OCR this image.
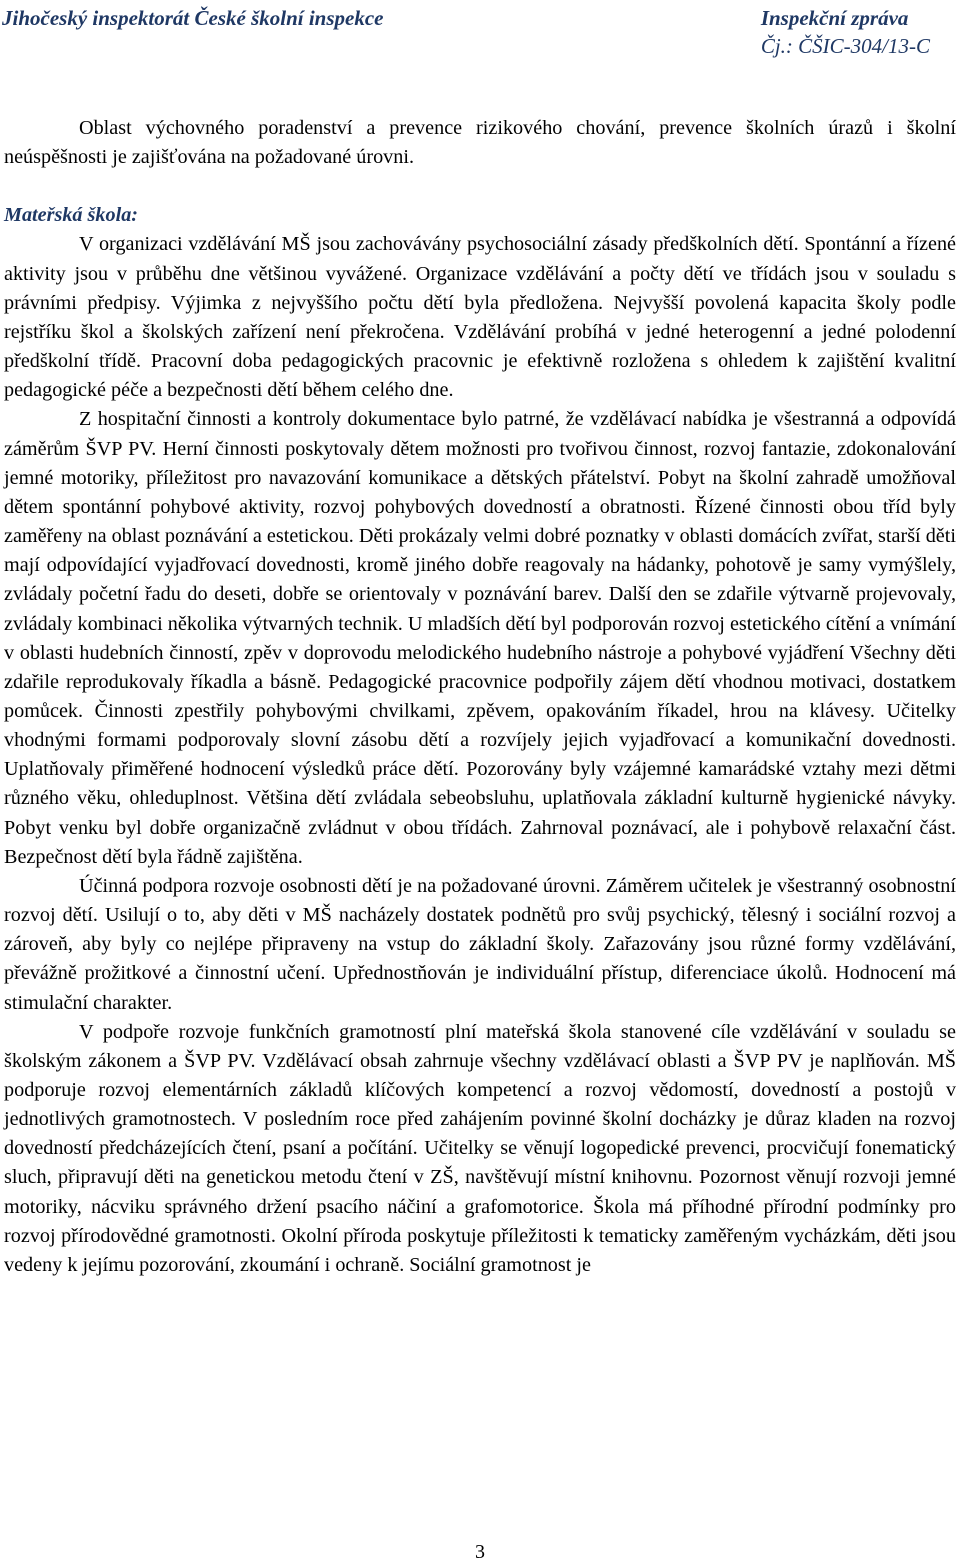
Jihočeský inspektorát České školní inspekce	Inspekční zpráva
Čj.: ČŠIC-304/13-C

Oblast výchovného poradenství a prevence rizikového chování, prevence školních úrazů i školní neúspěšnosti je zajišťována na požadované úrovni.

Mateřská škola:

V organizaci vzdělávání MŠ jsou zachovávány psychosociální zásady předškolních dětí. Spontánní a řízené aktivity jsou v průběhu dne většinou vyvážené. Organizace vzdělávání a počty dětí ve třídách jsou v souladu s právními předpisy. Výjimka z nejvyššího počtu dětí byla předložena. Nejvyšší povolená kapacita školy podle rejstříku škol a školských zařízení není překročena. Vzdělávání probíhá v jedné heterogenní a jedné polodenní předškolní třídě. Pracovní doba pedagogických pracovnic je efektivně rozložena s ohledem k zajištění kvalitní pedagogické péče a bezpečnosti dětí během celého dne.

Z hospitační činnosti a kontroly dokumentace bylo patrné, že vzdělávací nabídka je všestranná a odpovídá záměrům ŠVP PV. Herní činnosti poskytovaly dětem možnosti pro tvořivou činnost, rozvoj fantazie, zdokonalování jemné motoriky, příležitost pro navazování komunikace a dětských přátelství. Pobyt na školní zahradě umožňoval dětem spontánní pohybové aktivity, rozvoj pohybových dovedností a obratnosti. Řízené činnosti obou tříd byly zaměřeny na oblast poznávání a estetickou. Děti prokázaly velmi dobré poznatky v oblasti domácích zvířat, starší děti mají odpovídající vyjadřovací dovednosti, kromě jiného dobře reagovaly na hádanky, pohotově je samy vymýšlely, zvládaly početní řadu do deseti, dobře se orientovaly v poznávání barev. Další den se zdařile výtvarně projevovaly, zvládaly kombinaci několika výtvarných technik. U mladších dětí byl podporován rozvoj estetického cítění a vnímání v oblasti hudebních činností, zpěv v doprovodu melodického hudebního nástroje a pohybové vyjádření Všechny děti zdařile reprodukovaly říkadla a básně. Pedagogické pracovnice podpořily zájem dětí vhodnou motivaci, dostatkem pomůcek. Činnosti zpestřily pohybovými chvilkami, zpěvem, opakováním říkadel, hrou na klávesy. Učitelky vhodnými formami podporovaly slovní zásobu dětí a rozvíjely jejich vyjadřovací a komunikační dovednosti. Uplatňovaly přiměřené hodnocení výsledků práce dětí. Pozorovány byly vzájemné kamarádské vztahy mezi dětmi různého věku, ohleduplnost. Většina dětí zvládala sebeobsluhu, uplatňovala základní kulturně hygienické návyky. Pobyt venku byl dobře organizačně zvládnut v obou třídách. Zahrnoval poznávací, ale i pohybově relaxační část. Bezpečnost dětí byla řádně zajištěna.

Účinná podpora rozvoje osobnosti dětí je na požadované úrovni. Záměrem učitelek je všestranný osobnostní rozvoj dětí. Usilují o to, aby děti v MŠ nacházely dostatek podnětů pro svůj psychický, tělesný i sociální rozvoj a zároveň, aby byly co nejlépe připraveny na vstup do základní školy. Zařazovány jsou různé formy vzdělávání, převážně prožitkové a činnostní učení. Upřednostňován je individuální přístup, diferenciace úkolů. Hodnocení má stimulační charakter.

V podpoře rozvoje funkčních gramotností plní mateřská škola stanovené cíle vzdělávání v souladu se školským zákonem a ŠVP PV. Vzdělávací obsah zahrnuje všechny vzdělávací oblasti a ŠVP PV je naplňován. MŠ podporuje rozvoj elementárních základů klíčových kompetencí a rozvoj vědomostí, dovedností a postojů v jednotlivých gramotnostech. V posledním roce před zahájením povinné školní docházky je důraz kladen na rozvoj dovedností předcházejících čtení, psaní a počítání. Učitelky se věnují logopedické prevenci, procvičují fonematický sluch, připravují děti na genetickou metodu čtení v ZŠ, navštěvují místní knihovnu. Pozornost věnují rozvoji jemné motoriky, nácviku správného držení psacího náčiní a grafomotorice. Škola má příhodné přírodní podmínky pro rozvoj přírodovědné gramotnosti. Okolní příroda poskytuje příležitosti k tematicky zaměřeným vycházkám, děti jsou vedeny k jejímu pozorování, zkoumání i ochraně. Sociální gramotnost je

3
